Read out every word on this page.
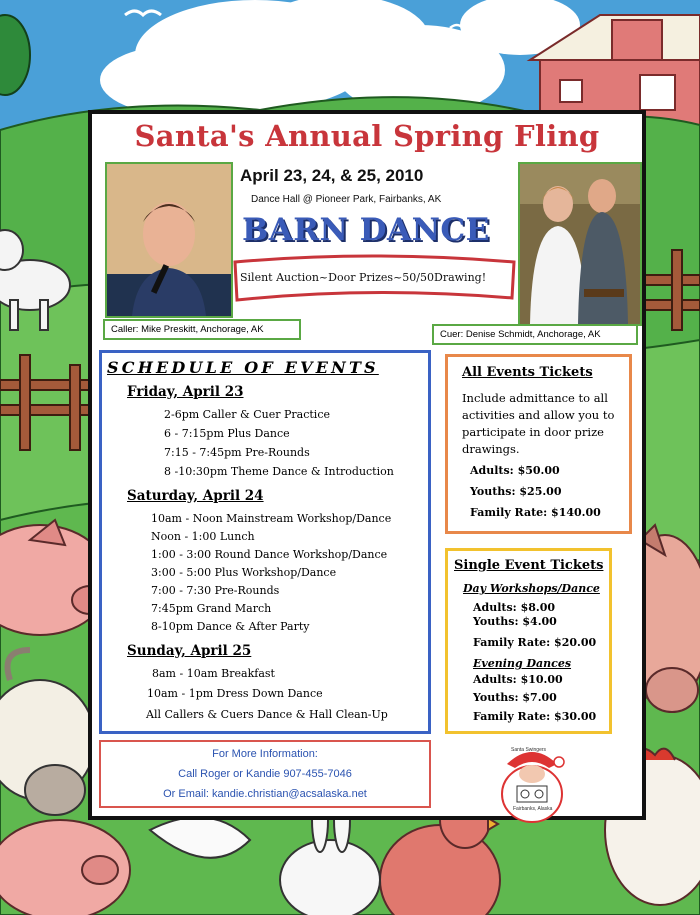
Santa's Annual Spring Fling
Caller: Mike Preskitt, Anchorage, AK
April 23, 24, & 25, 2010
Dance Hall @ Pioneer Park, Fairbanks, AK
BARN DANCE
Silent Auction~Door Prizes~50/50Drawing!
Cuer: Denise Schmidt, Anchorage, AK
SCHEDULE OF EVENTS
Friday, April 23
2-6pm Caller & Cuer Practice
6 - 7:15pm Plus Dance
7:15 - 7:45pm Pre-Rounds
8 -10:30pm Theme Dance & Introduction
Saturday, April 24
10am - Noon Mainstream Workshop/Dance
Noon - 1:00 Lunch
1:00 - 3:00 Round Dance Workshop/Dance
3:00 - 5:00 Plus Workshop/Dance
7:00 - 7:30 Pre-Rounds
7:45pm Grand March
8-10pm Dance & After Party
Sunday, April 25
8am - 10am Breakfast
10am - 1pm Dress Down Dance
All Callers & Cuers Dance & Hall Clean-Up
All Events Tickets
Include admittance to all activities and allow you to participate in door prize drawings.
Adults: $50.00
Youths: $25.00
Family Rate: $140.00
Single Event Tickets
Day Workshops/Dance
Adults: $8.00
Youths: $4.00
Family Rate: $20.00
Evening Dances
Adults: $10.00
Youths: $7.00
Family Rate: $30.00
For More Information:
Call Roger or Kandie 907-455-7046
Or Email: kandie.christian@acsalaska.net
Santa Swingers
Fairbanks, Alaska
